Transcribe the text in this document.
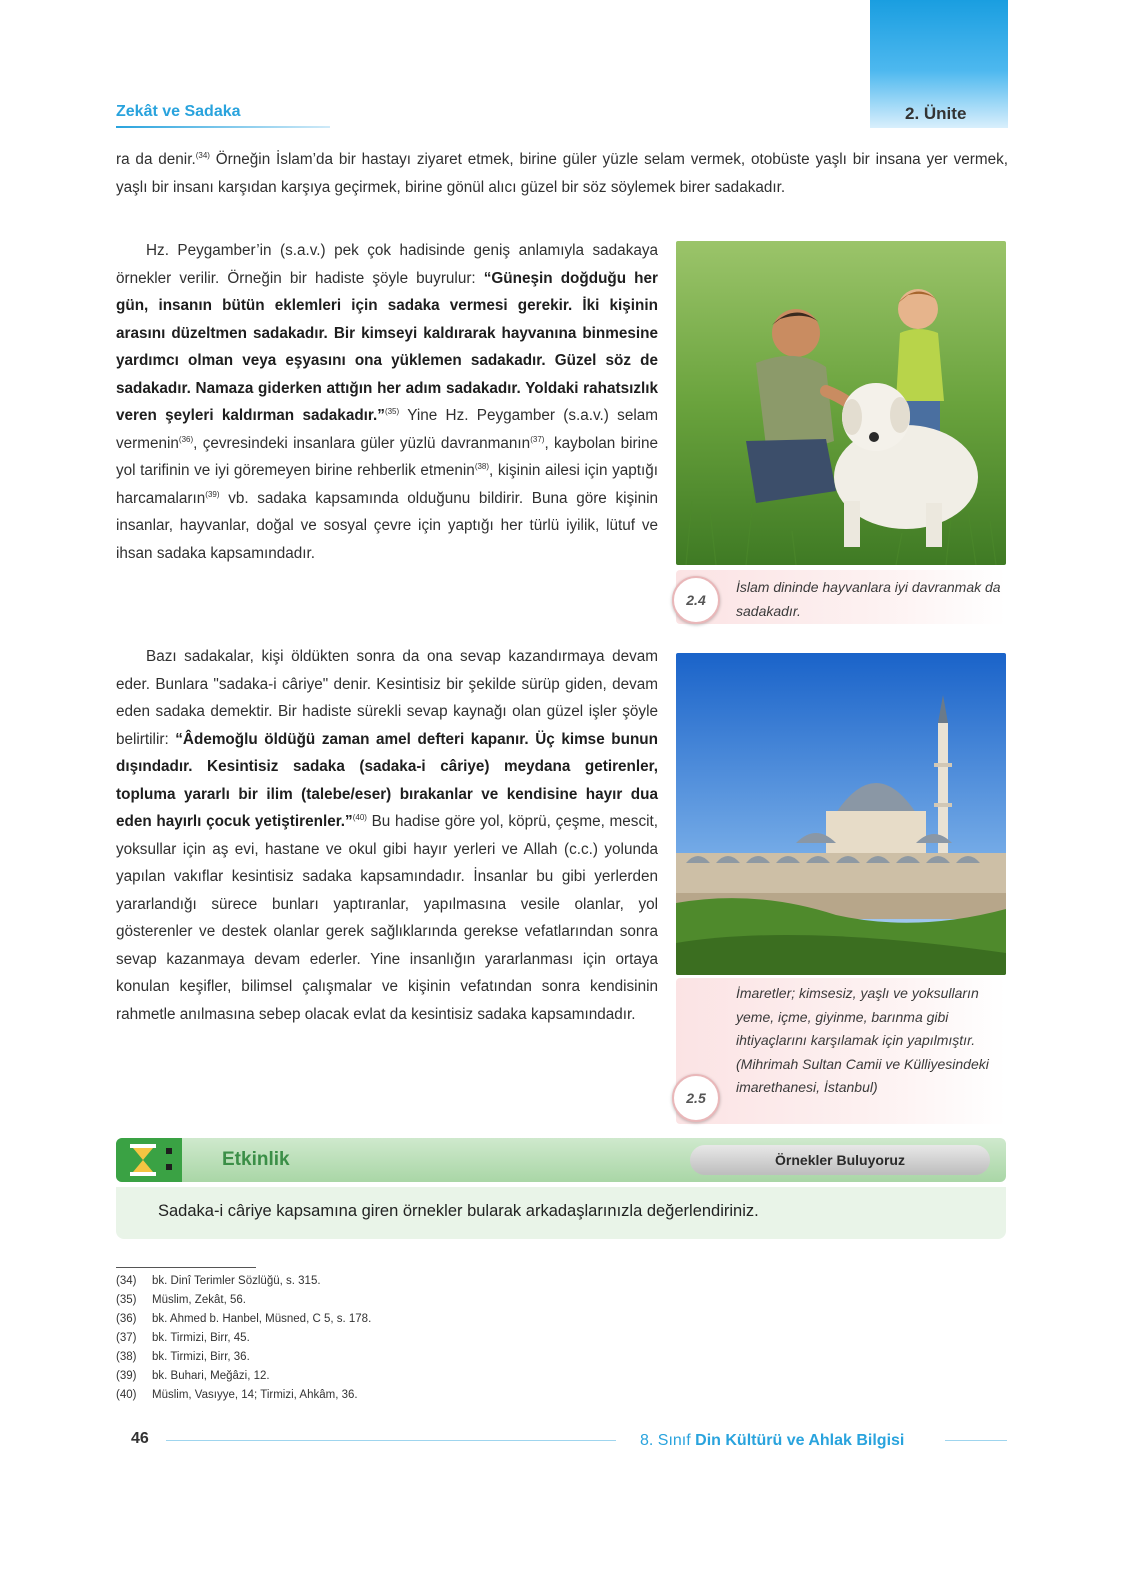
Zekât ve Sadaka	2. Ünite
ra da denir.$^{(34)}$ Örneğin İslam’da bir hastayı ziyaret etmek, birine güler yüzle selam vermek, otobüste yaşlı bir insana yer vermek, yaşlı bir insanı karşıdan karşıya geçirmek, birine gönül alıcı güzel bir söz söylemek birer sadakadır.
Hz. Peygamber’in (s.a.v.) pek çok hadisinde geniş anlamıyla sadakaya örnekler verilir. Örneğin bir hadiste şöyle buyrulur: “Güneşin doğduğu her gün, insanın bütün eklemleri için sadaka vermesi gerekir. İki kişinin arasını düzeltmen sadakadır. Bir kimseyi kaldırarak hayvanına binmesine yardımcı olman veya eşyasını ona yüklemen sadakadır. Güzel söz de sadakadır. Namaza giderken attığın her adım sadakadır. Yoldaki rahatsızlık veren şeyleri kaldırman sadakadır.”$^{(35)}$ Yine Hz. Peygamber (s.a.v.) selam vermenin$^{(36)}$, çevresindeki insanlara güler yüzlü davranmanın$^{(37)}$, kaybolan birine yol tarifinin ve iyi göremeyen birine rehberlik etmenin$^{(38)}$, kişinin ailesi için yaptığı harcamaların$^{(39)}$ vb. sadaka kapsamında olduğunu bildirir. Buna göre kişinin insanlar, hayvanlar, doğal ve sosyal çevre için yaptığı her türlü iyilik, lütuf ve ihsan sadaka kapsamındadır.
Bazı sadakalar, kişi öldükten sonra da ona sevap kazandırmaya devam eder. Bunlara "sadaka-i câriye" denir. Kesintisiz bir şekilde sürüp giden, devam eden sadaka demektir. Bir hadiste sürekli sevap kaynağı olan güzel işler şöyle belirtilir: “Âdemoğlu öldüğü zaman amel defteri kapanır. Üç kimse bunun dışındadır. Kesintisiz sadaka (sadaka-i câriye) meydana getirenler, topluma yararlı bir ilim (talebe/eser) bırakanlar ve kendisine hayır dua eden hayırlı çocuk yetiştirenler.”$^{(40)}$ Bu hadise göre yol, köprü, çeşme, mescit, yoksullar için aş evi, hastane ve okul gibi hayır yerleri ve Allah (c.c.) yolunda yapılan vakıflar kesintisiz sadaka kapsamındadır. İnsanlar bu gibi yerlerden yararlandığı sürece bunları yaptıranlar, yapılmasına vesile olanlar, yol gösterenler ve destek olanlar gerek sağlıklarında gerekse vefatlarından sonra sevap kazanmaya devam ederler. Yine insanlığın yararlanması için ortaya konulan keşifler, bilimsel çalışmalar ve kişinin vefatından sonra kendisinin rahmetle anılmasına sebep olacak evlat da kesintisiz sadaka kapsamındadır.
2.4
İslam dininde hayvanlara iyi davranmak da sadakadır.
2.5
İmaretler; kimsesiz, yaşlı ve yoksulların yeme, içme, giyinme, barınma gibi ihtiyaçlarını karşılamak için yapılmıştır. (Mihrimah Sultan Camii ve Külliyesindeki imarethanesi, İstanbul)
Etkinlik	Örnekler Buluyoruz
Sadaka-i câriye kapsamına giren örnekler bularak arkadaşlarınızla değerlendiriniz.
(34) bk. Dinî Terimler Sözlüğü, s. 315.
(35) Müslim, Zekât, 56.
(36) bk. Ahmed b. Hanbel, Müsned, C 5, s. 178.
(37) bk. Tirmizi, Birr, 45.
(38) bk. Tirmizi, Birr, 36.
(39) bk. Buhari, Meğâzi, 12.
(40) Müslim, Vasıyye, 14; Tirmizi, Ahkâm, 36.
46	8. Sınıf Din Kültürü ve Ahlak Bilgisi
